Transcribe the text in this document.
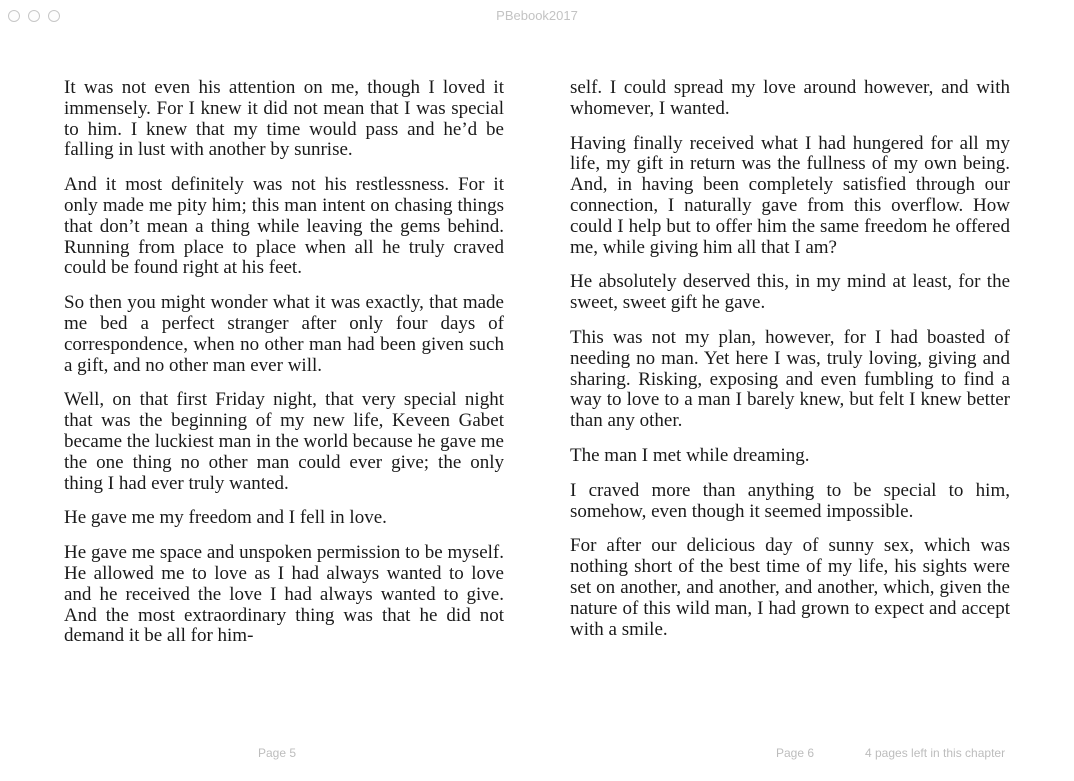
PBebook2017

It was not even his attention on me, though I loved it immensely. For I knew it did not mean that I was special to him. I knew that my time would pass and he’d be falling in lust with another by sunrise.

And it most definitely was not his restlessness. For it only made me pity him; this man intent on chasing things that don’t mean a thing while leaving the gems behind. Running from place to place when all he truly craved could be found right at his feet.

So then you might wonder what it was exactly, that made me bed a perfect stranger after only four days of correspondence, when no other man had been given such a gift, and no other man ever will.

Well, on that first Friday night, that very special night that was the beginning of my new life, Keveen Gabet became the luckiest man in the world because he gave me the one thing no other man could ever give; the only thing I had ever truly wanted.

He gave me my freedom and I fell in love.

He gave me space and unspoken permission to be myself. He allowed me to love as I had always wanted to love and he received the love I had always wanted to give. And the most extraordinary thing was that he did not demand it be all for him-

self. I could spread my love around however, and with whomever, I wanted.

Having finally received what I had hungered for all my life, my gift in return was the fullness of my own being. And, in having been completely satisfied through our connection, I naturally gave from this overflow. How could I help but to offer him the same freedom he offered me, while giving him all that I am?

He absolutely deserved this, in my mind at least, for the sweet, sweet gift he gave.

This was not my plan, however, for I had boasted of needing no man. Yet here I was, truly loving, giving and sharing. Risking, exposing and even fumbling to find a way to love to a man I barely knew, but felt I knew better than any other.

The man I met while dreaming.

I craved more than anything to be special to him, somehow, even though it seemed impossible.

For after our delicious day of sunny sex, which was nothing short of the best time of my life, his sights were set on another, and another, and another, which, given the nature of this wild man, I had grown to expect and accept with a smile.

Page 5	Page 6	4 pages left in this chapter
